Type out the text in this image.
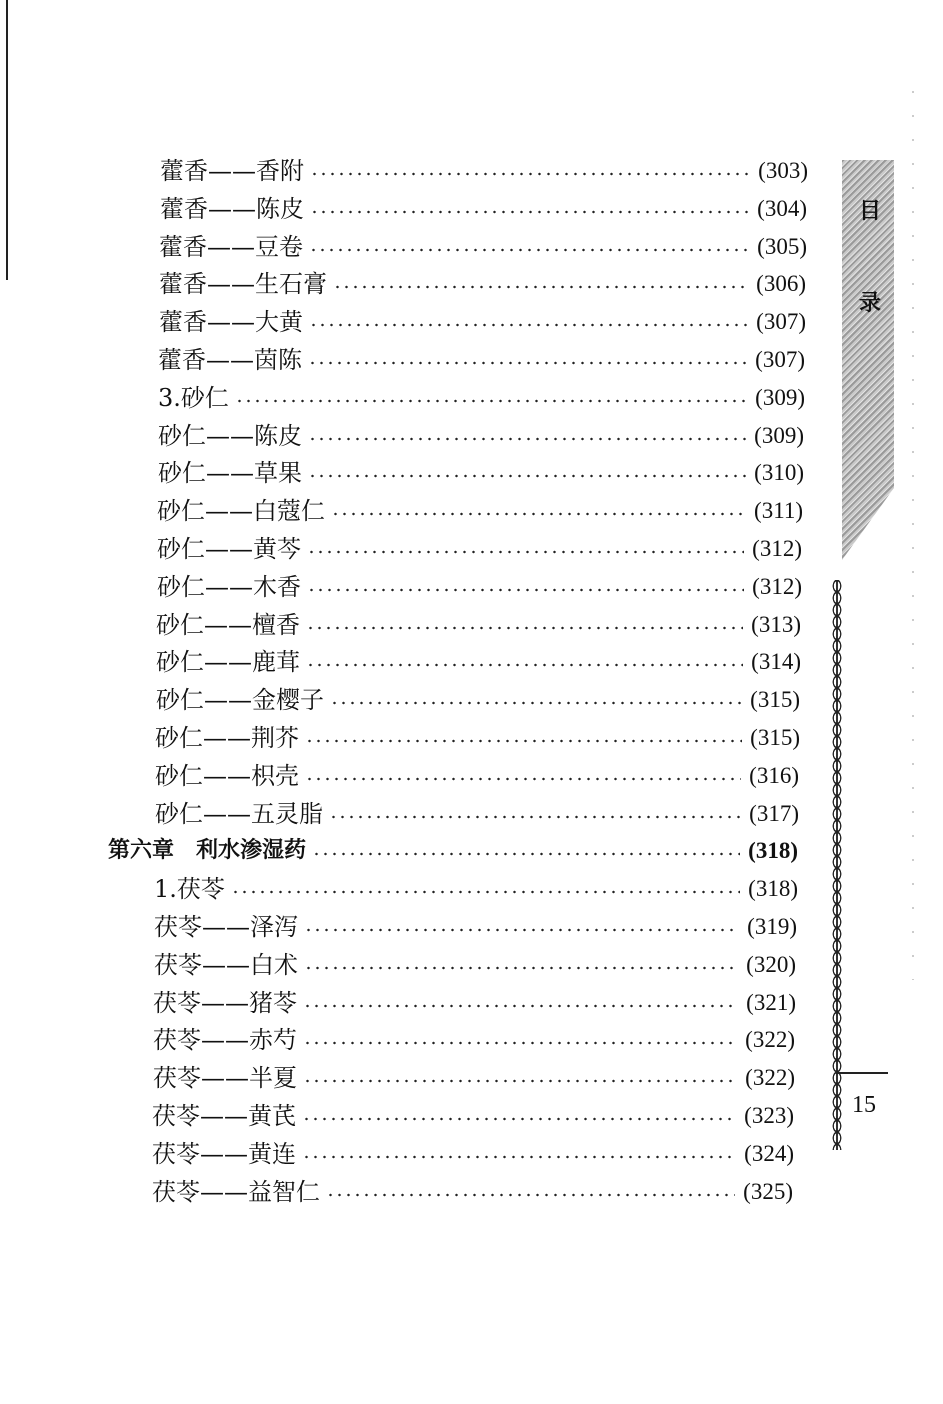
藿香——香附	(303)
藿香——陈皮	(304)
藿香——豆卷	(305)
藿香——生石膏	(306)
藿香——大黄	(307)
藿香——茵陈	(307)
3.砂仁	(309)
砂仁——陈皮	(309)
砂仁——草果	(310)
砂仁——白蔻仁	(311)
砂仁——黄芩	(312)
砂仁——木香	(312)
砂仁——檀香	(313)
砂仁——鹿茸	(314)
砂仁——金樱子	(315)
砂仁——荆芥	(315)
砂仁——枳壳	(316)
砂仁——五灵脂	(317)
第六章　利水渗湿药	(318)
1.茯苓	(318)
茯苓——泽泻	(319)
茯苓——白术	(320)
茯苓——猪苓	(321)
茯苓——赤芍	(322)
茯苓——半夏	(322)
茯苓——黄芪	(323)
茯苓——黄连	(324)
茯苓——益智仁	(325)
目
录
15
